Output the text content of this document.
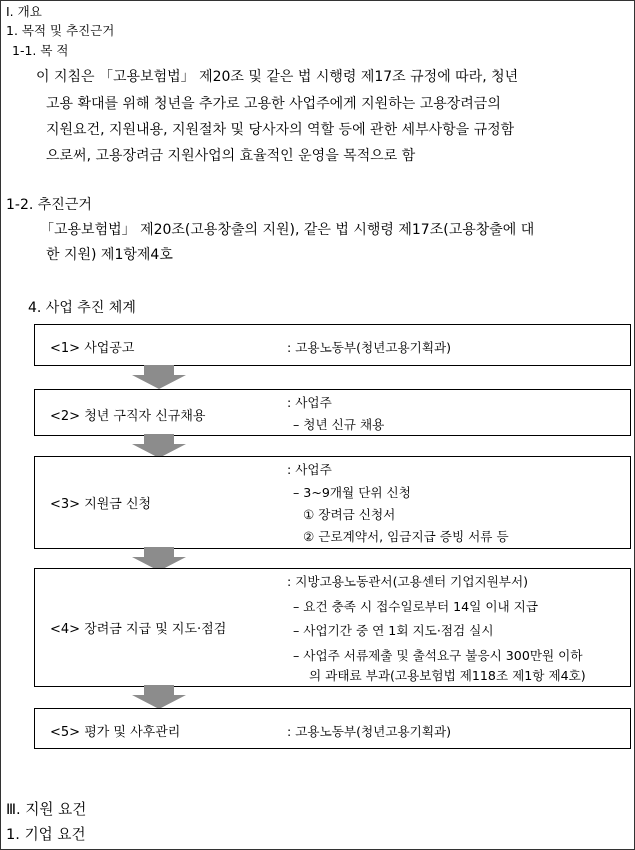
Ⅰ. 개요
1. 목적 및 추진근거
1-1. 목 적
이 지침은 「고용보험법」 제20조 및 같은 법 시행령 제17조 규정에 따라, 청년
고용 확대를 위해 청년을 추가로 고용한 사업주에게 지원하는 고용장려금의
지원요건, 지원내용, 지원절차 및 당사자의 역할 등에 관한 세부사항을 규정함
으로써, 고용장려금 지원사업의 효율적인 운영을 목적으로 함
1-2. 추진근거
「고용보험법」 제20조(고용창출의 지원), 같은 법 시행령 제17조(고용창출에 대
한 지원) 제1항제4호
4. 사업 추진 체계
<1> 사업공고	: 고용노동부(청년고용기획과)
<2> 청년 구직자 신규채용
: 사업주
– 청년 신규 채용
<3> 지원금 신청
: 사업주
– 3~9개월 단위 신청
① 장려금 신청서
② 근로계약서, 임금지급 증빙 서류 등
<4> 장려금 지급 및 지도·점검
: 지방고용노동관서(고용센터 기업지원부서)
– 요건 충족 시 접수일로부터 14일 이내 지급
– 사업기간 중 연 1회 지도·점검 실시
– 사업주 서류제출 및 출석요구 불응시 300만원 이하
의 과태료 부과(고용보험법 제118조 제1항 제4호)
<5> 평가 및 사후관리	: 고용노동부(청년고용기획과)
Ⅲ. 지원 요건
1. 기업 요건
